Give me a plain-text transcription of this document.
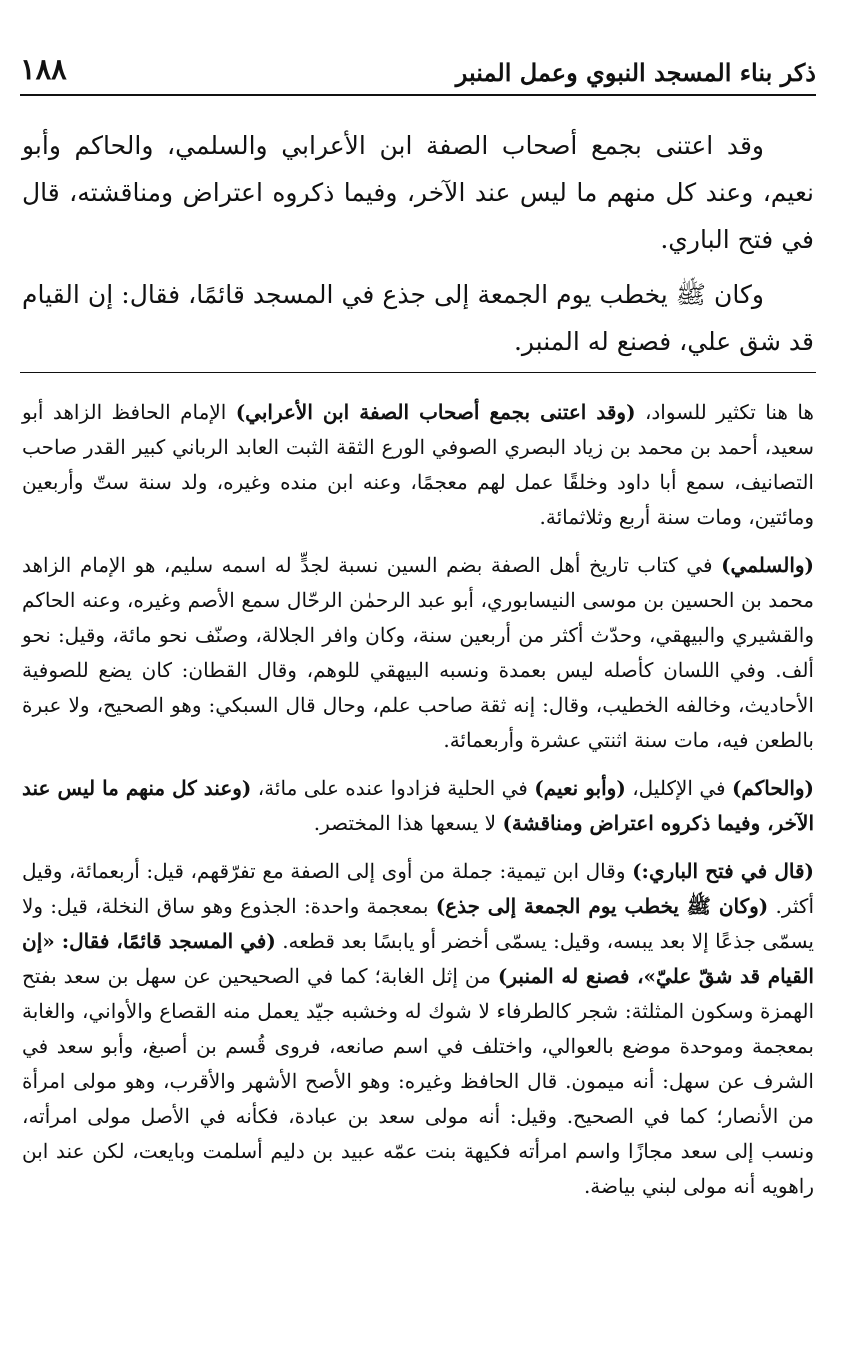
١٨٨	ذكر بناء المسجد النبوي وعمل المنبر

وقد اعتنى بجمع أصحاب الصفة ابن الأعرابي والسلمي، والحاكم وأبو نعيم، وعند كل منهم ما ليس عند الآخر، وفيما ذكروه اعتراض ومناقشته، قال في فتح الباري.

وكان ﷺ يخطب يوم الجمعة إلى جذع في المسجد قائمًا، فقال: إن القيام قد شق علي، فصنع له المنبر.

ها هنا تكثير للسواد، (وقد اعتنى بجمع أصحاب الصفة ابن الأعرابي) الإمام الحافظ الزاهد أبو سعيد، أحمد بن محمد بن زياد البصري الصوفي الورع الثقة الثبت العابد الرباني كبير القدر صاحب التصانيف، سمع أبا داود وخلقًا عمل لهم معجمًا، وعنه ابن منده وغيره، ولد سنة ستّ وأربعين ومائتين، ومات سنة أربع وثلاثمائة.

(والسلمي) في كتاب تاريخ أهل الصفة بضم السين نسبة لجدٍّ له اسمه سليم، هو الإمام الزاهد محمد بن الحسين بن موسى النيسابوري، أبو عبد الرحمٰن الرحّال سمع الأصم وغيره، وعنه الحاكم والقشيري والبيهقي، وحدّث أكثر من أربعين سنة، وكان وافر الجلالة، وصنّف نحو مائة، وقيل: نحو ألف. وفي اللسان كأصله ليس بعمدة ونسبه البيهقي للوهم، وقال القطان: كان يضع للصوفية الأحاديث، وخالفه الخطيب، وقال: إنه ثقة صاحب علم، وحال قال السبكي: وهو الصحيح، ولا عبرة بالطعن فيه، مات سنة اثنتي عشرة وأربعمائة.

(والحاكم) في الإكليل، (وأبو نعيم) في الحلية فزادوا عنده على مائة، (وعند كل منهم ما ليس عند الآخر، وفيما ذكروه اعتراض ومناقشة) لا يسعها هذا المختصر.

(قال في فتح الباري:) وقال ابن تيمية: جملة من أوى إلى الصفة مع تفرّقهم، قيل: أربعمائة، وقيل أكثر. (وكان ﷺ يخطب يوم الجمعة إلى جذع) بمعجمة واحدة: الجذوع وهو ساق النخلة، قيل: ولا يسمّى جذعًا إلا بعد يبسه، وقيل: يسمّى أخضر أو يابسًا بعد قطعه. (في المسجد قائمًا، فقال: «إن القيام قد شقّ عليّ»، فصنع له المنبر) من إثل الغابة؛ كما في الصحيحين عن سهل بن سعد بفتح الهمزة وسكون المثلثة: شجر كالطرفاء لا شوك له وخشبه جيّد يعمل منه القصاع والأواني، والغابة بمعجمة وموحدة موضع بالعوالي، واختلف في اسم صانعه، فروى قُسم بن أصبغ، وأبو سعد في الشرف عن سهل: أنه ميمون. قال الحافظ وغيره: وهو الأصح الأشهر والأقرب، وهو مولى امرأة من الأنصار؛ كما في الصحيح. وقيل: أنه مولى سعد بن عبادة، فكأنه في الأصل مولى امرأته، ونسب إلى سعد مجازًا واسم امرأته فكيهة بنت عمّه عبيد بن دليم أسلمت وبايعت، لكن عند ابن راهويه أنه مولى لبني بياضة.
